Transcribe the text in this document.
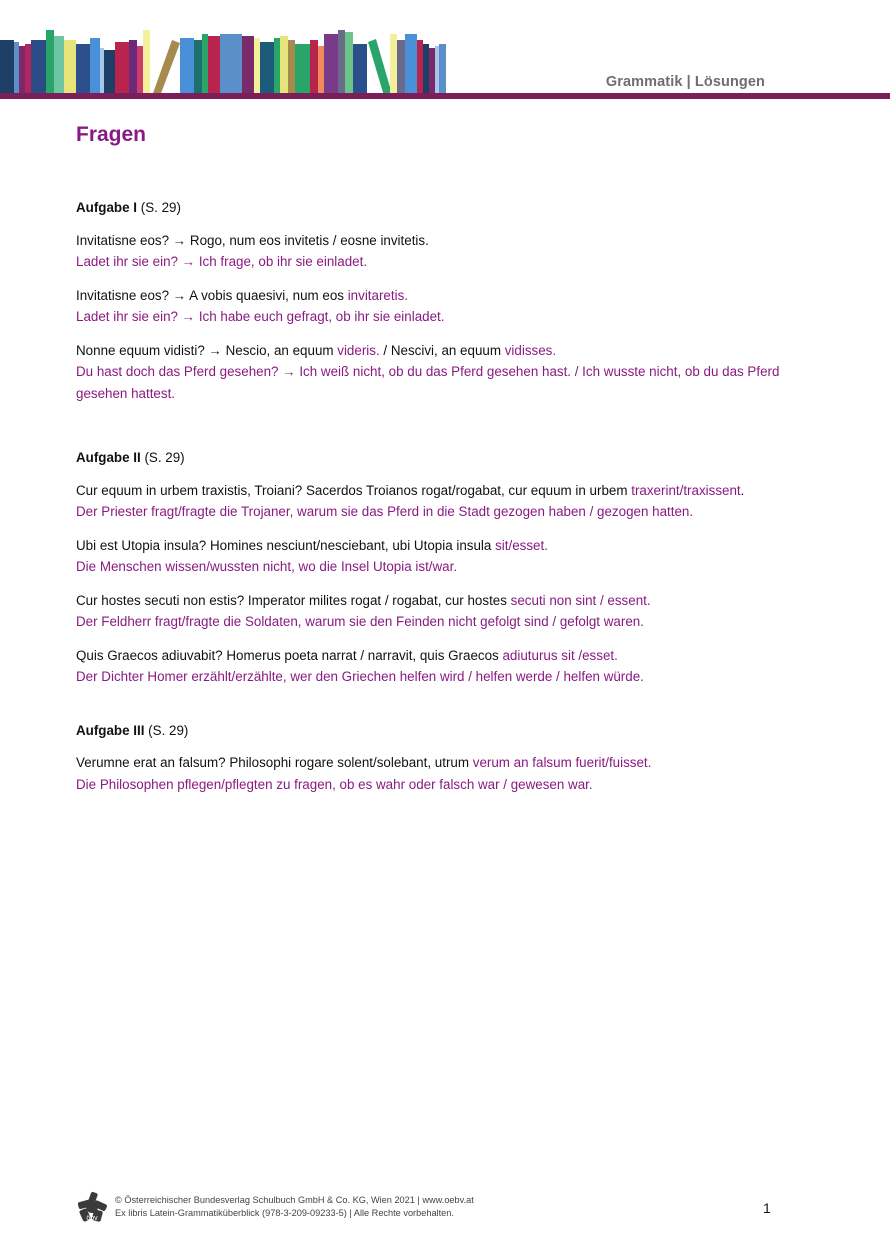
Grammatik | Lösungen
Fragen

Aufgabe I (S. 29)

Invitatisne eos? → Rogo, num eos invitetis / eosne invitetis.

Ladet ihr sie ein? → Ich frage, ob ihr sie einladet.

Invitatisne eos? → A vobis quaesivi, num eos invitaretis.

Ladet ihr sie ein? → Ich habe euch gefragt, ob ihr sie einladet.

Nonne equum vidisti? → Nescio, an equum videris. / Nescivi, an equum vidisses.

Du hast doch das Pferd gesehen? → Ich weiß nicht, ob du das Pferd gesehen hast. / Ich wusste nicht, ob du das Pferd gesehen hattest.

Aufgabe II (S. 29)

Cur equum in urbem traxistis, Troiani? Sacerdos Troianos rogat/rogabat, cur equum in urbem traxerint/traxissent.

Der Priester fragt/fragte die Trojaner, warum sie das Pferd in die Stadt gezogen haben / gezogen hatten.

Ubi est Utopia insula? Homines nesciunt/nesciebant, ubi Utopia insula sit/esset.

Die Menschen wissen/wussten nicht, wo die Insel Utopia ist/war.

Cur hostes secuti non estis? Imperator milites rogat / rogabat, cur hostes secuti non sint / essent.

Der Feldherr fragt/fragte die Soldaten, warum sie den Feinden nicht gefolgt sind / gefolgt waren.

Quis Graecos adiuvabit? Homerus poeta narrat / narravit, quis Graecos adiuturus sit /esset.

Der Dichter Homer erzählt/erzählte, wer den Griechen helfen wird / helfen werde / helfen würde.

Aufgabe III (S. 29)

Verumne erat an falsum? Philosophi rogare solent/solebant, utrum verum an falsum fuerit/fuisset.

Die Philosophen pflegen/pflegten zu fragen, ob es wahr oder falsch war / gewesen war.

öbv
© Österreichischer Bundesverlag Schulbuch GmbH & Co. KG, Wien 2021 | www.oebv.at
Ex libris Latein-Grammatiküberblick (978-3-209-09233-5) | Alle Rechte vorbehalten.	1
